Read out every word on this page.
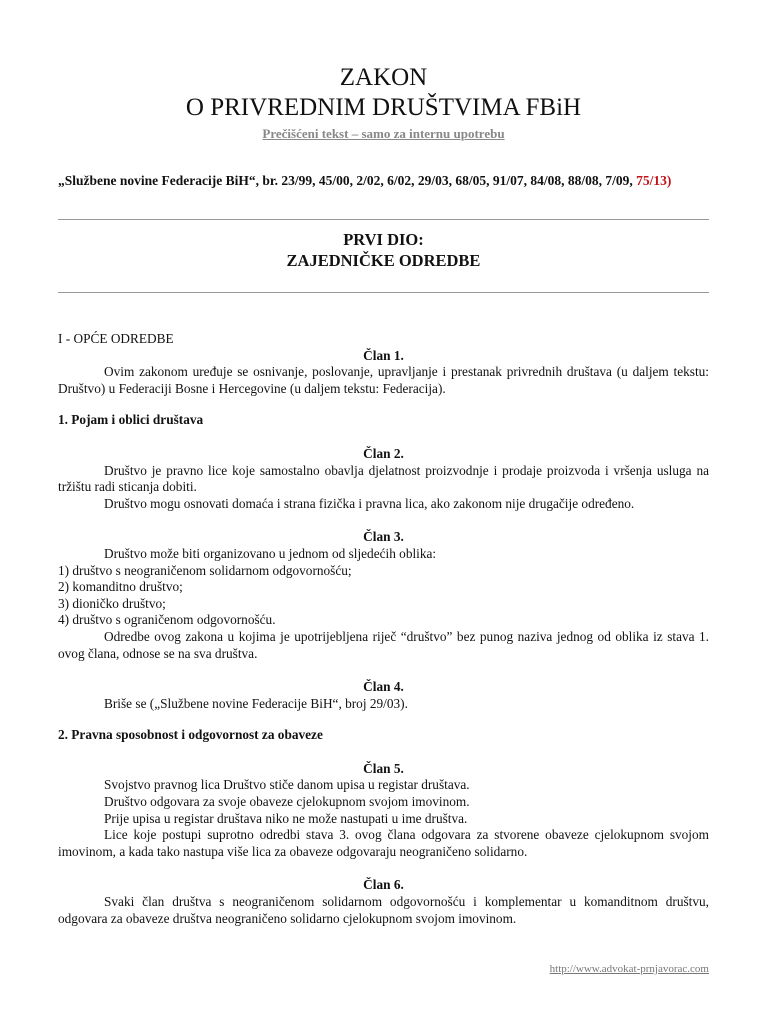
ZAKON
O PRIVREDNIM DRUŠTVIMA FBiH
Prečišćeni tekst – samo za internu upotrebu
„Službene novine Federacije BiH“, br. 23/99, 45/00, 2/02, 6/02, 29/03, 68/05, 91/07, 84/08, 88/08, 7/09, 75/13)
PRVI DIO:
ZAJEDNIČKE ODREDBE
I - OPĆE ODREDBE
Član 1.

Ovim zakonom uređuje se osnivanje, poslovanje, upravljanje i prestanak privrednih društava (u daljem tekstu: Društvo) u Federaciji Bosne i Hercegovine (u daljem tekstu: Federacija).

1. Pojam i oblici društava
Član 2.

Društvo je pravno lice koje samostalno obavlja djelatnost proizvodnje i prodaje proizvoda i vršenja usluga na tržištu radi sticanja dobiti.

Društvo mogu osnovati domaća i strana fizička i pravna lica, ako zakonom nije drugačije određeno.

Član 3.

Društvo može biti organizovano u jednom od sljedećih oblika:

1) društvo s neograničenom solidarnom odgovornošću;

2) komanditno društvo;

3) dioničko društvo;

4) društvo s ograničenom odgovornošću.

Odredbe ovog zakona u kojima je upotrijebljena riječ “društvo” bez punog naziva jednog od oblika iz stava 1. ovog člana, odnose se na sva društva.

Član 4.

Briše se („Službene novine Federacije BiH“, broj 29/03).

2. Pravna sposobnost i odgovornost za obaveze
Član 5.

Svojstvo pravnog lica Društvo stiče danom upisa u registar društava.

Društvo odgovara za svoje obaveze cjelokupnom svojom imovinom.

Prije upisa u registar društava niko ne može nastupati u ime društva.

Lice koje postupi suprotno odredbi stava 3. ovog člana odgovara za stvorene obaveze cjelokupnom svojom imovinom, a kada tako nastupa više lica za obaveze odgovaraju neograničeno solidarno.

Član 6.

Svaki član društva s neograničenom solidarnom odgovornošću i komplementar u komanditnom društvu, odgovara za obaveze društva neograničeno solidarno cjelokupnom svojom imovinom.

http://www.advokat-prnjavorac.com
